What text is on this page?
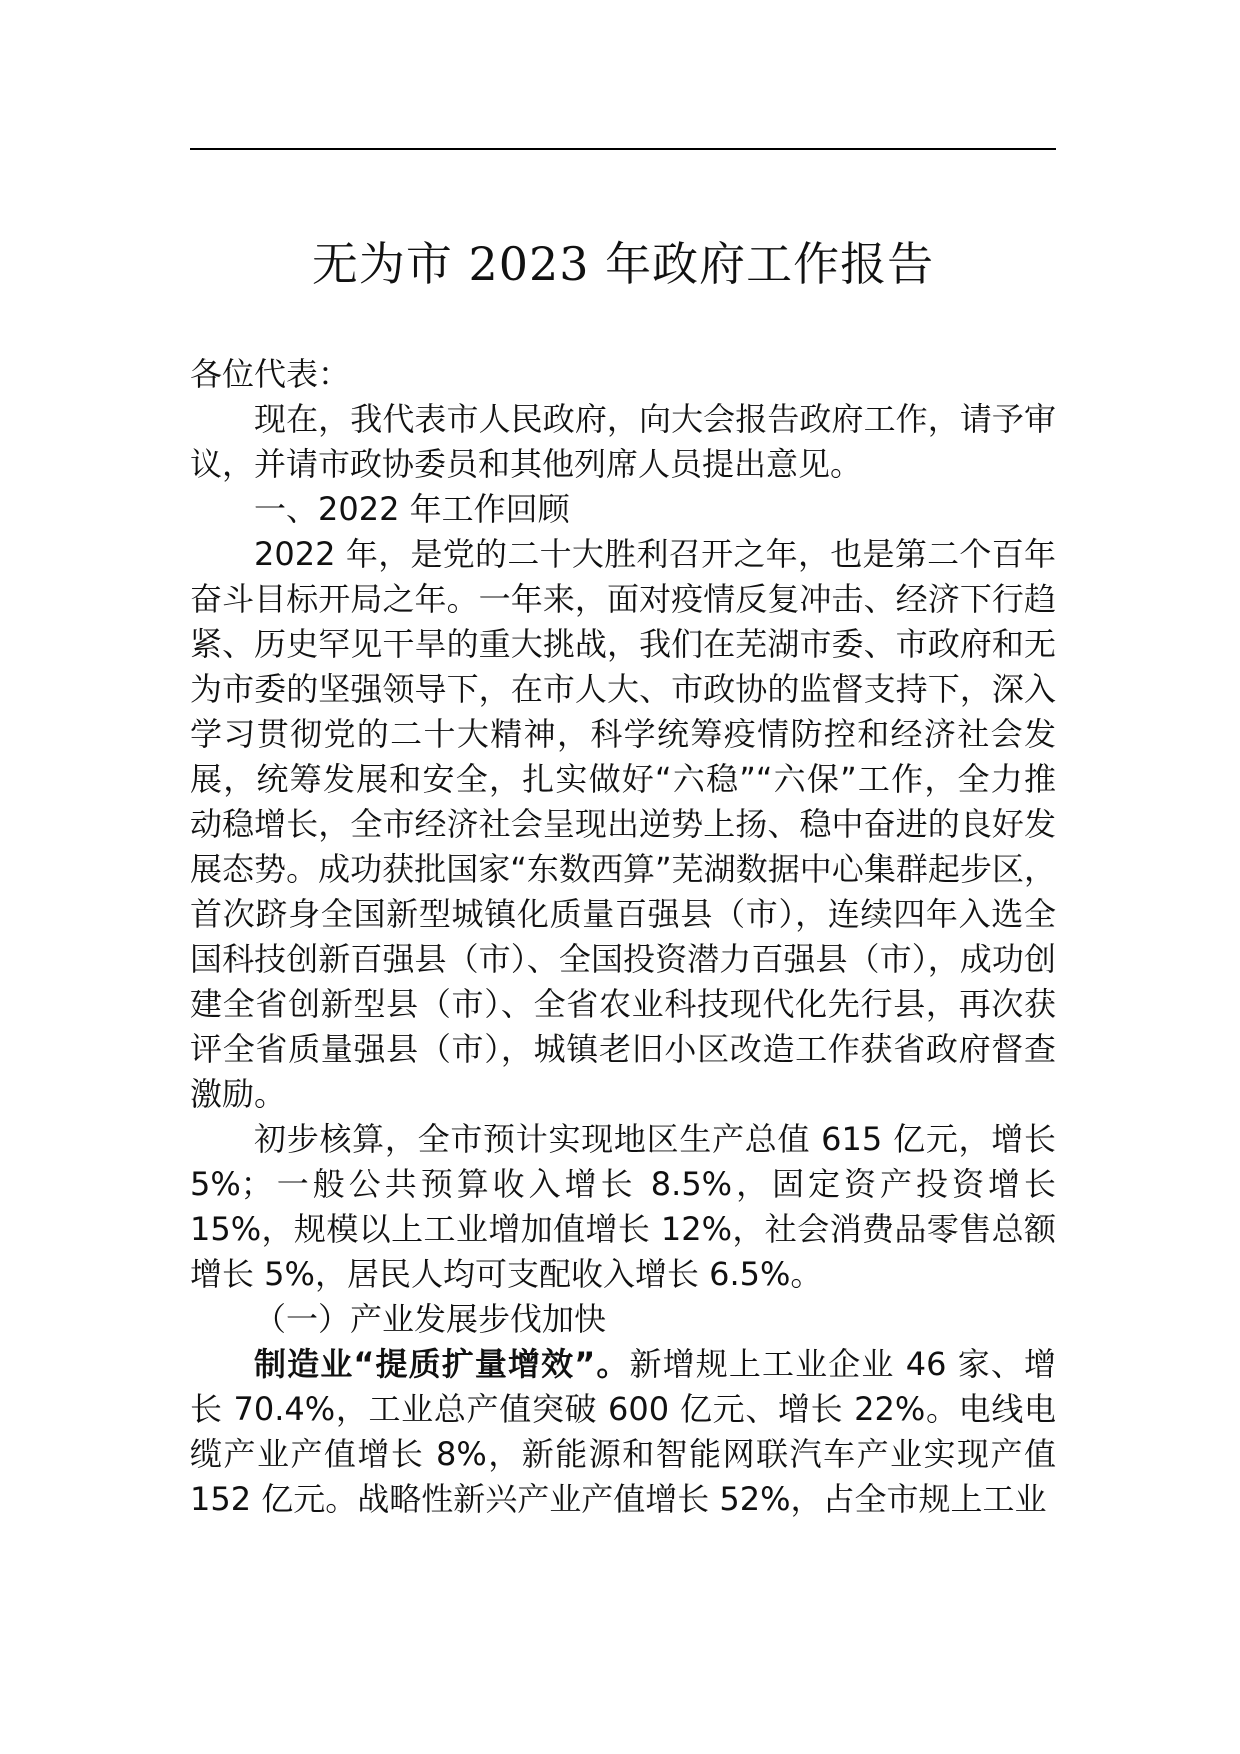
无为市 2023 年政府工作报告

各位代表：

现在，我代表市人民政府，向大会报告政府工作，请予审议，并请市政协委员和其他列席人员提出意见。

一、2022 年工作回顾

2022 年，是党的二十大胜利召开之年，也是第二个百年奋斗目标开局之年。一年来，面对疫情反复冲击、经济下行趋紧、历史罕见干旱的重大挑战，我们在芜湖市委、市政府和无为市委的坚强领导下，在市人大、市政协的监督支持下，深入学习贯彻党的二十大精神，科学统筹疫情防控和经济社会发展，统筹发展和安全，扎实做好“六稳”“六保”工作，全力推动稳增长，全市经济社会呈现出逆势上扬、稳中奋进的良好发展态势。成功获批国家“东数西算”芜湖数据中心集群起步区，首次跻身全国新型城镇化质量百强县（市），连续四年入选全国科技创新百强县（市）、全国投资潜力百强县（市），成功创建全省创新型县（市）、全省农业科技现代化先行县，再次获评全省质量强县（市），城镇老旧小区改造工作获省政府督查激励。

初步核算，全市预计实现地区生产总值 615 亿元，增长 5%；一般公共预算收入增长 8.5%，固定资产投资增长 15%，规模以上工业增加值增长 12%，社会消费品零售总额增长 5%，居民人均可支配收入增长 6.5%。

（一）产业发展步伐加快

制造业“提质扩量增效”。新增规上工业企业 46 家、增长 70.4%，工业总产值突破 600 亿元、增长 22%。电线电缆产业产值增长 8%，新能源和智能网联汽车产业实现产值 152 亿元。战略性新兴产业产值增长 52%，占全市规上工业
